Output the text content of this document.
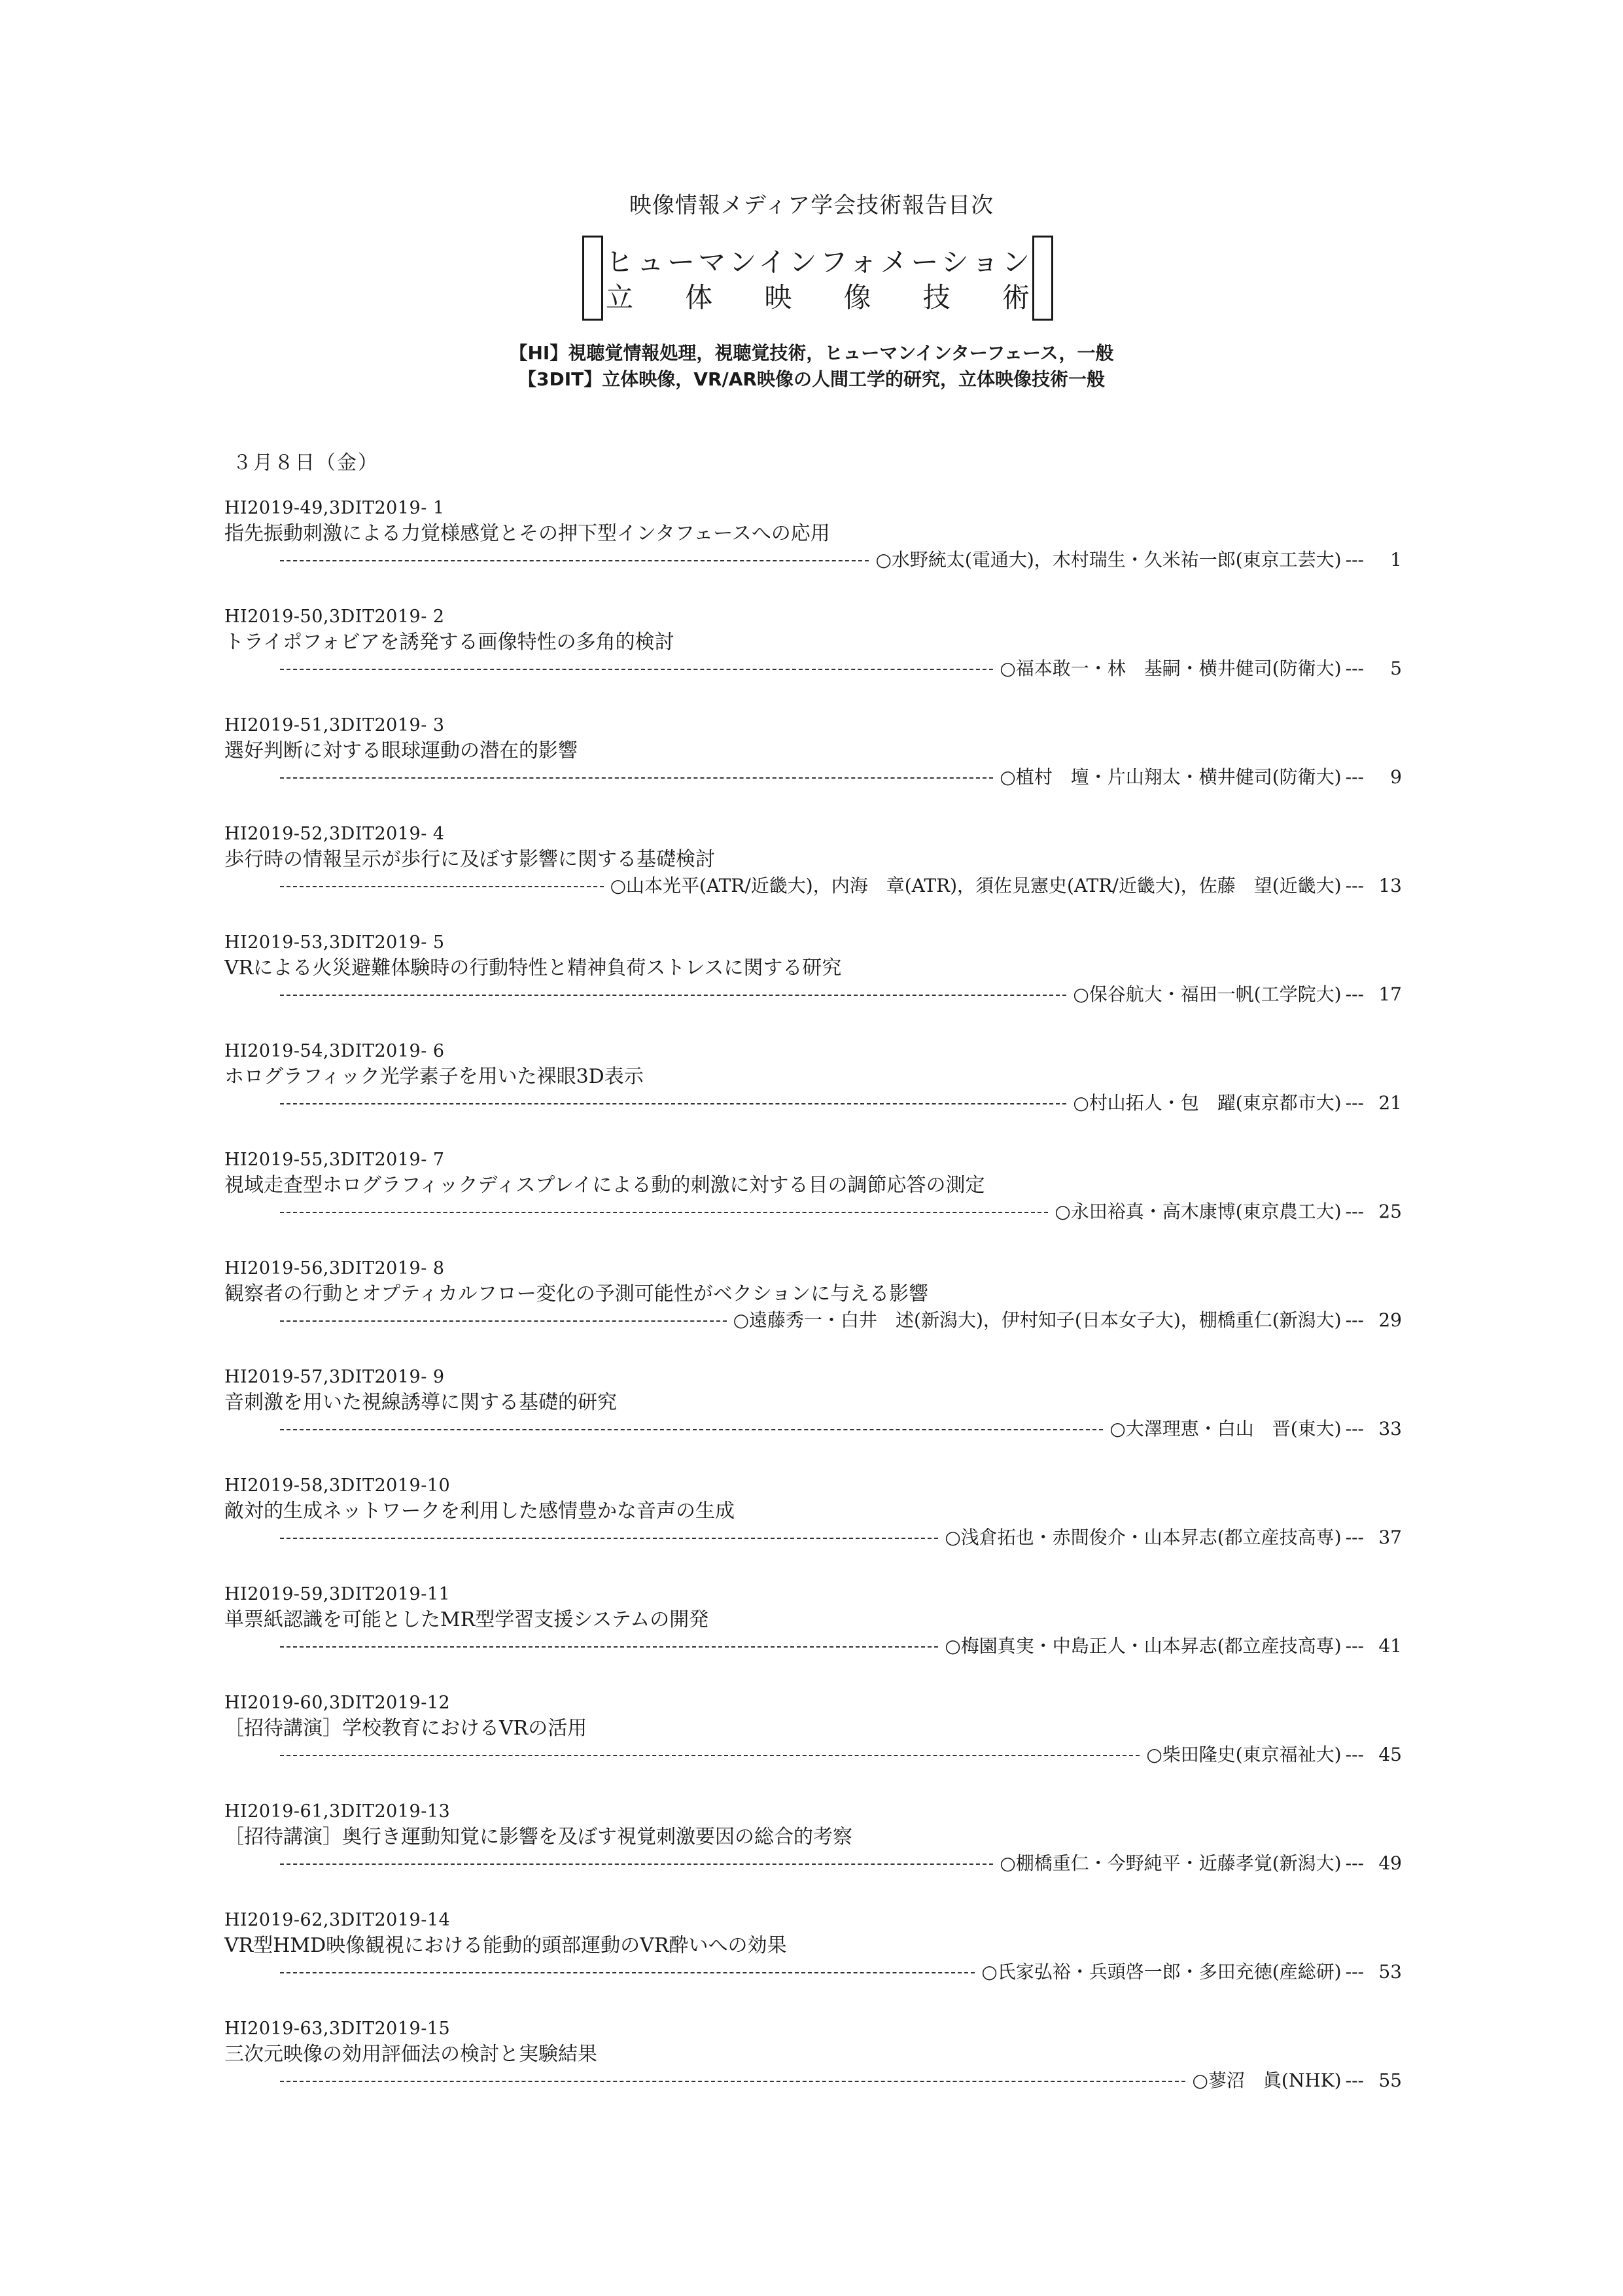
映像情報メディア学会技術報告目次
ヒューマンインフォメーション
立 体 映 像 技 術
【HI】視聴覚情報処理，視聴覚技術，ヒューマンインターフェース，一般
【3DIT】立体映像，VR/AR映像の人間工学的研究，立体映像技術一般
３月８日（金）
HI2019-49,3DIT2019- 1
指先振動刺激による力覚様感覚とその押下型インタフェースへの応用
○水野統太(電通大)，木村瑞生・久米祐一郎(東京工芸大) ---	1
HI2019-50,3DIT2019- 2
トライポフォビアを誘発する画像特性の多角的検討
○福本敢一・林　基嗣・横井健司(防衛大) ---	5
HI2019-51,3DIT2019- 3
選好判断に対する眼球運動の潜在的影響
○植村　壇・片山翔太・横井健司(防衛大) ---	9
HI2019-52,3DIT2019- 4
歩行時の情報呈示が歩行に及ぼす影響に関する基礎検討
○山本光平(ATR/近畿大)，内海　章(ATR)，須佐見憲史(ATR/近畿大)，佐藤　望(近畿大) --- 13
HI2019-53,3DIT2019- 5
VRによる火災避難体験時の行動特性と精神負荷ストレスに関する研究
○保谷航大・福田一帆(工学院大) --- 17
HI2019-54,3DIT2019- 6
ホログラフィック光学素子を用いた裸眼3D表示
○村山拓人・包　躍(東京都市大) --- 21
HI2019-55,3DIT2019- 7
視域走査型ホログラフィックディスプレイによる動的刺激に対する目の調節応答の測定
○永田裕真・高木康博(東京農工大) --- 25
HI2019-56,3DIT2019- 8
観察者の行動とオプティカルフロー変化の予測可能性がベクションに与える影響
○遠藤秀一・白井　述(新潟大)，伊村知子(日本女子大)，棚橋重仁(新潟大) --- 29
HI2019-57,3DIT2019- 9
音刺激を用いた視線誘導に関する基礎的研究
○大澤理恵・白山　晋(東大) --- 33
HI2019-58,3DIT2019-10
敵対的生成ネットワークを利用した感情豊かな音声の生成
○浅倉拓也・赤間俊介・山本昇志(都立産技高専) --- 37
HI2019-59,3DIT2019-11
単票紙認識を可能としたMR型学習支援システムの開発
○梅園真実・中島正人・山本昇志(都立産技高専) --- 41
HI2019-60,3DIT2019-12
［招待講演］学校教育におけるVRの活用
○柴田隆史(東京福祉大) --- 45
HI2019-61,3DIT2019-13
［招待講演］奥行き運動知覚に影響を及ぼす視覚刺激要因の総合的考察
○棚橋重仁・今野純平・近藤孝覚(新潟大) --- 49
HI2019-62,3DIT2019-14
VR型HMD映像観視における能動的頭部運動のVR酔いへの効果
○氏家弘裕・兵頭啓一郎・多田充徳(産総研) --- 53
HI2019-63,3DIT2019-15
三次元映像の効用評価法の検討と実験結果
○蓼沼　眞(NHK) --- 55
